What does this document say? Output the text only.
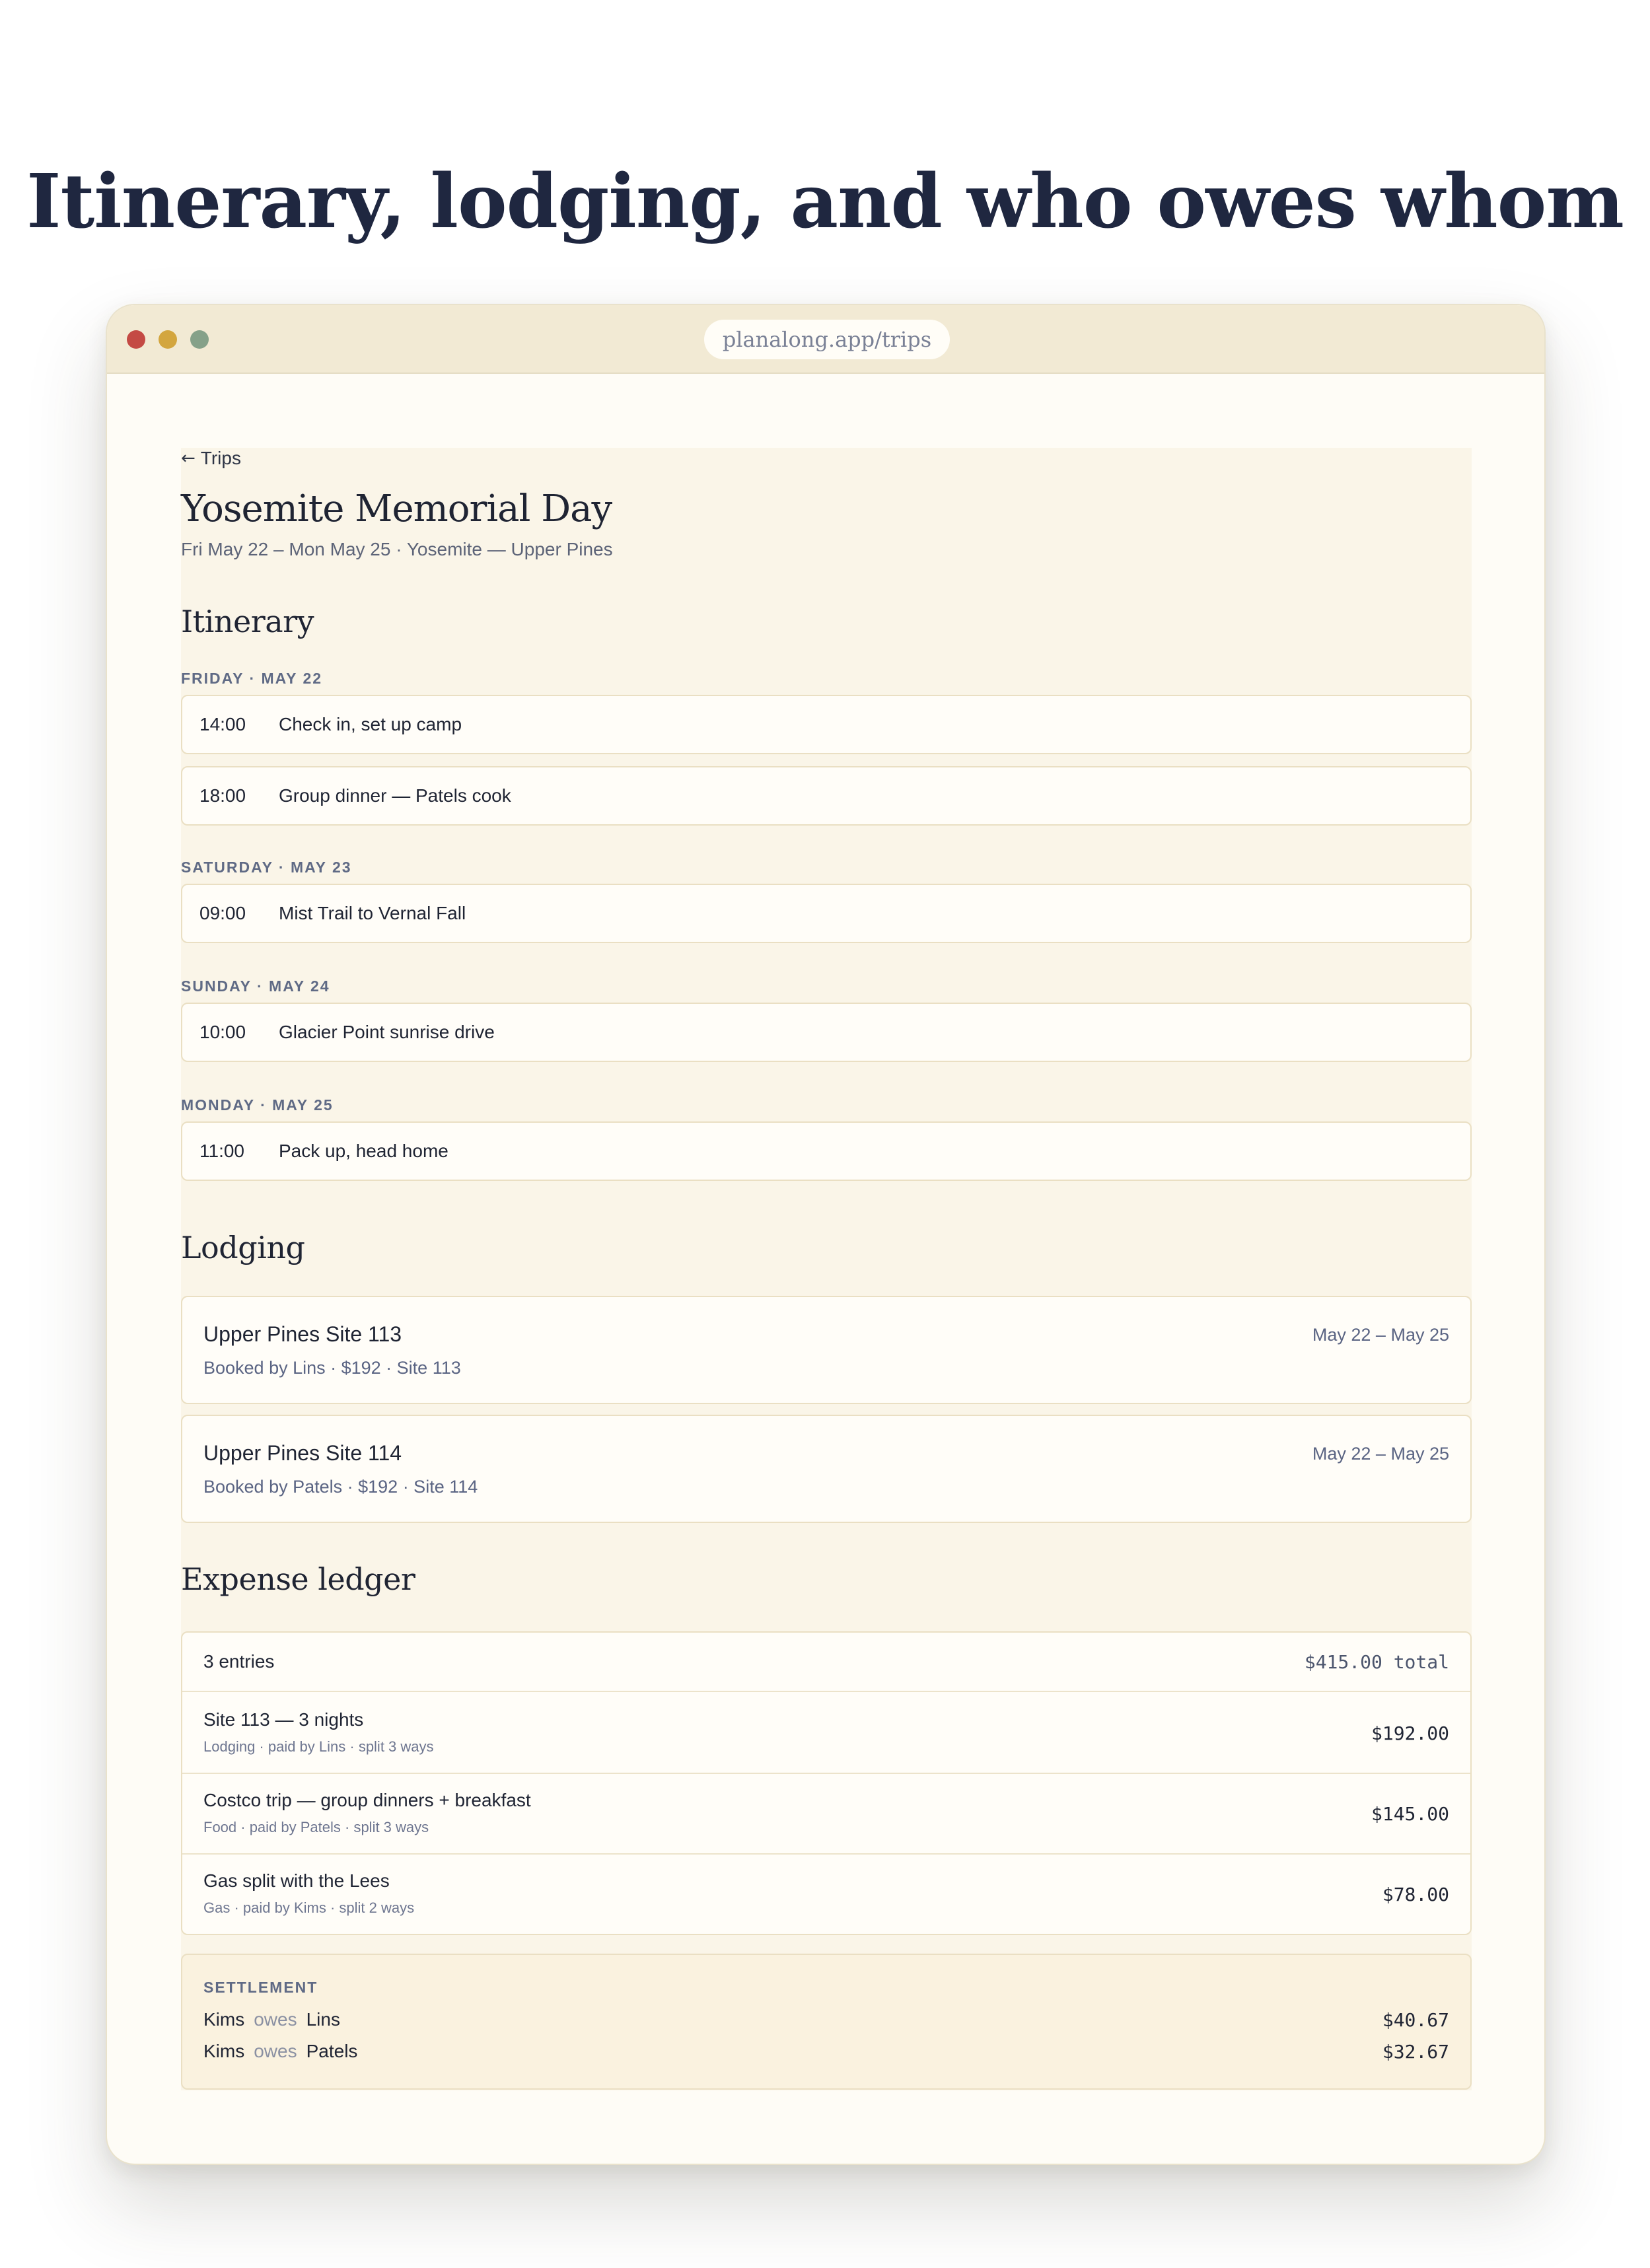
Itinerary, lodging, and who owes whom
planalong.app/trips
← Trips
Yosemite Memorial Day
Fri May 22 – Mon May 25 · Yosemite — Upper Pines
Itinerary
FRIDAY · MAY 22
14:00 Check in, set up camp
18:00 Group dinner — Patels cook
SATURDAY · MAY 23
09:00 Mist Trail to Vernal Fall
SUNDAY · MAY 24
10:00 Glacier Point sunrise drive
MONDAY · MAY 25
11:00 Pack up, head home
Lodging
Upper Pines Site 113
Booked by Lins · $192 · Site 113
May 22 – May 25
Upper Pines Site 114
Booked by Patels · $192 · Site 114
May 22 – May 25
Expense ledger
3 entries	$415.00 total
Site 113 — 3 nights
Lodging · paid by Lins · split 3 ways
$192.00
Costco trip — group dinners + breakfast
Food · paid by Patels · split 3 ways
$145.00
Gas split with the Lees
Gas · paid by Kims · split 2 ways
$78.00
SETTLEMENT
Kims owes Lins	$40.67
Kims owes Patels	$32.67
